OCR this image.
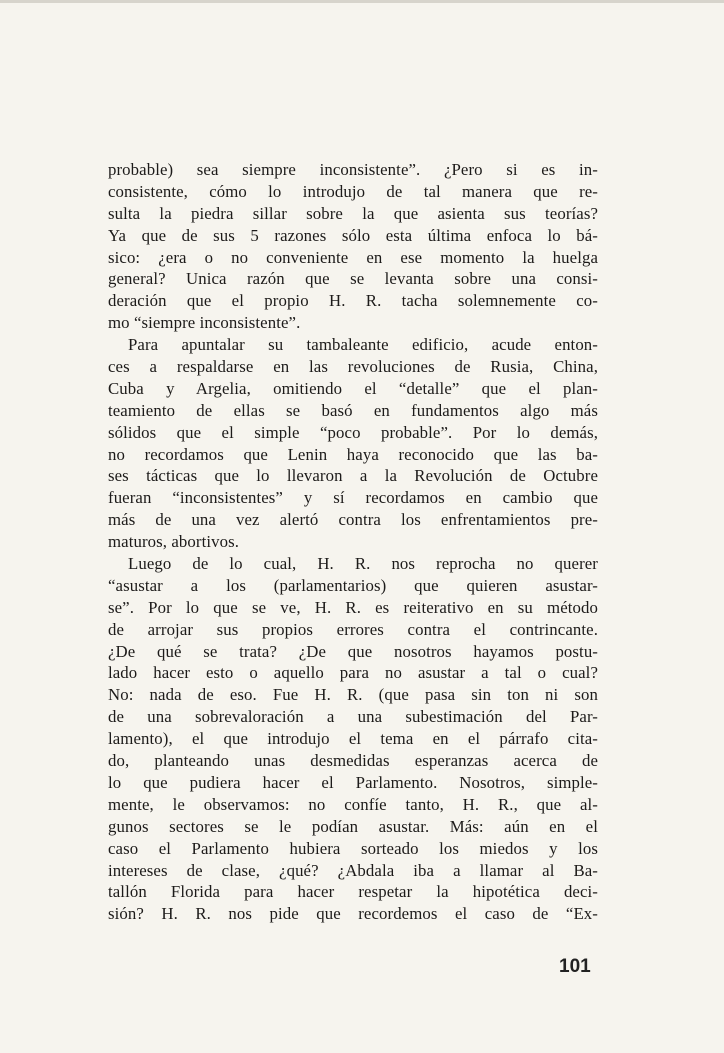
probable) sea siempre inconsistente”. ¿Pero si es in-
consistente, cómo lo introdujo de tal manera que re-
sulta la piedra sillar sobre la que asienta sus teorías?
Ya que de sus 5 razones sólo esta última enfoca lo bá-
sico: ¿era o no conveniente en ese momento la huelga
general? Unica razón que se levanta sobre una consi-
deración que el propio H. R. tacha solemnemente co-
mo “siempre inconsistente”.
Para apuntalar su tambaleante edificio, acude enton-
ces a respaldarse en las revoluciones de Rusia, China,
Cuba y Argelia, omitiendo el “detalle” que el plan-
teamiento de ellas se basó en fundamentos algo más
sólidos que el simple “poco probable”. Por lo demás,
no recordamos que Lenin haya reconocido que las ba-
ses tácticas que lo llevaron a la Revolución de Octubre
fueran “inconsistentes” y sí recordamos en cambio que
más de una vez alertó contra los enfrentamientos pre-
maturos, abortivos.
Luego de lo cual, H. R. nos reprocha no querer
“asustar a los (parlamentarios) que quieren asustar-
se”. Por lo que se ve, H. R. es reiterativo en su método
de arrojar sus propios errores contra el contrincante.
¿De qué se trata? ¿De que nosotros hayamos postu-
lado hacer esto o aquello para no asustar a tal o cual?
No: nada de eso. Fue H. R. (que pasa sin ton ni son
de una sobrevaloración a una subestimación del Par-
lamento), el que introdujo el tema en el párrafo cita-
do, planteando unas desmedidas esperanzas acerca de
lo que pudiera hacer el Parlamento. Nosotros, simple-
mente, le observamos: no confíe tanto, H. R., que al-
gunos sectores se le podían asustar. Más: aún en el
caso el Parlamento hubiera sorteado los miedos y los
intereses de clase, ¿qué? ¿Abdala iba a llamar al Ba-
tallón Florida para hacer respetar la hipotética deci-
sión? H. R. nos pide que recordemos el caso de “Ex-
101
